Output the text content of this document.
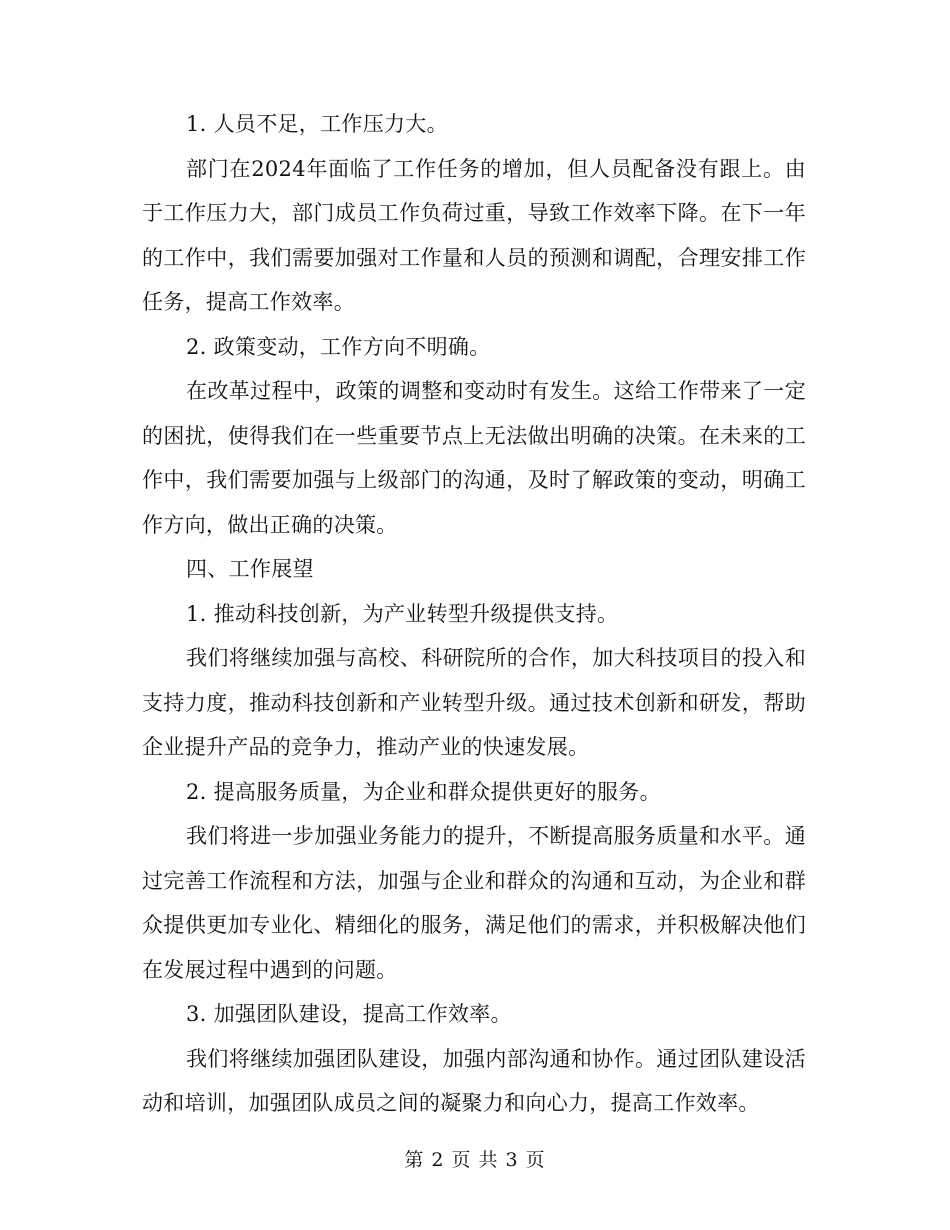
1. 人员不足，工作压力大。

部门在2024年面临了工作任务的增加，但人员配备没有跟上。由于工作压力大，部门成员工作负荷过重，导致工作效率下降。在下一年的工作中，我们需要加强对工作量和人员的预测和调配，合理安排工作任务，提高工作效率。

2. 政策变动，工作方向不明确。

在改革过程中，政策的调整和变动时有发生。这给工作带来了一定的困扰，使得我们在一些重要节点上无法做出明确的决策。在未来的工作中，我们需要加强与上级部门的沟通，及时了解政策的变动，明确工作方向，做出正确的决策。

四、工作展望

1. 推动科技创新，为产业转型升级提供支持。

我们将继续加强与高校、科研院所的合作，加大科技项目的投入和支持力度，推动科技创新和产业转型升级。通过技术创新和研发，帮助企业提升产品的竞争力，推动产业的快速发展。

2. 提高服务质量，为企业和群众提供更好的服务。

我们将进一步加强业务能力的提升，不断提高服务质量和水平。通过完善工作流程和方法，加强与企业和群众的沟通和互动，为企业和群众提供更加专业化、精细化的服务，满足他们的需求，并积极解决他们在发展过程中遇到的问题。

3. 加强团队建设，提高工作效率。

我们将继续加强团队建设，加强内部沟通和协作。通过团队建设活动和培训，加强团队成员之间的凝聚力和向心力，提高工作效率。

第 2 页 共 3 页
